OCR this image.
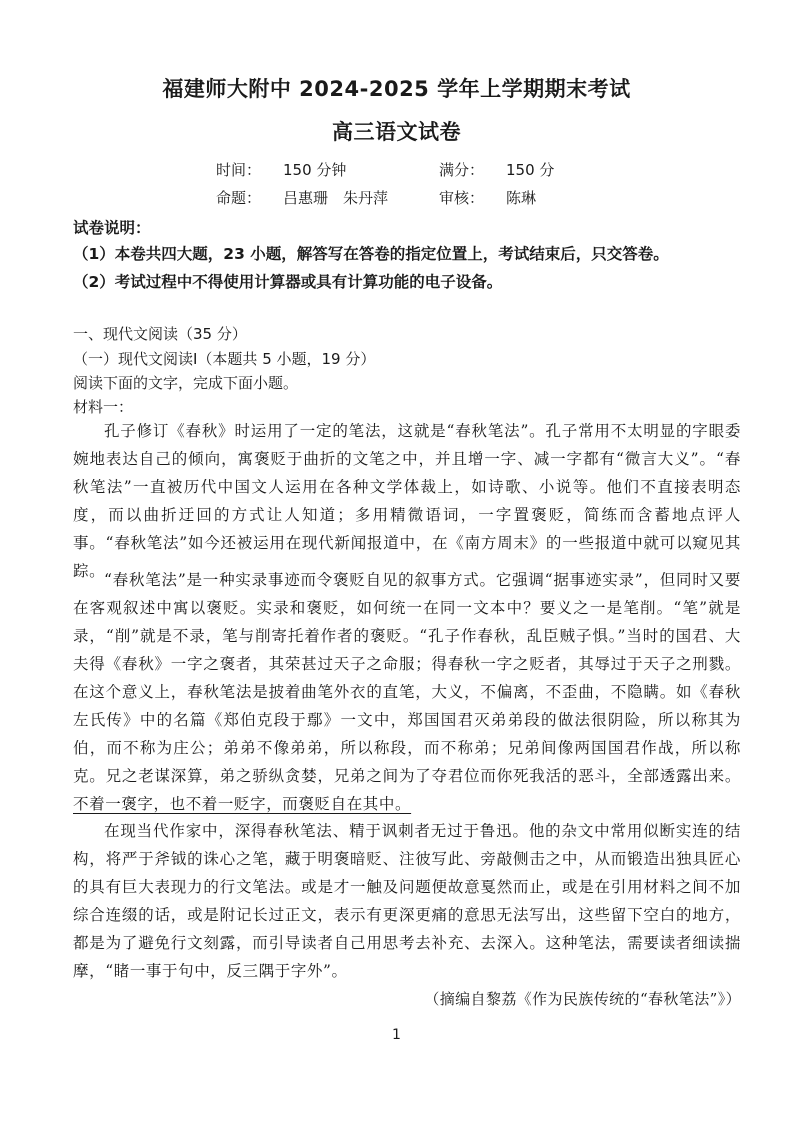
福建师大附中 2024-2025 学年上学期期末考试
高三语文试卷
时间： 150 分钟	满分： 150 分
命题： 吕惠珊　朱丹萍	审核： 陈琳
试卷说明：
（1）本卷共四大题，23 小题，解答写在答卷的指定位置上，考试结束后，只交答卷。
（2）考试过程中不得使用计算器或具有计算功能的电子设备。
一、现代文阅读（35 分）
（一）现代文阅读Ⅰ（本题共 5 小题，19 分）
阅读下面的文字，完成下面小题。
材料一：
孔子修订《春秋》时运用了一定的笔法，这就是“春秋笔法”。孔子常用不太明显的字眼委婉地表达自己的倾向，寓褒贬于曲折的文笔之中，并且增一字、减一字都有“微言大义”。“春秋笔法”一直被历代中国文人运用在各种文学体裁上，如诗歌、小说等。他们不直接表明态度，而以曲折迂回的方式让人知道；多用精微语词，一字置褒贬，简练而含蓄地点评人事。“春秋笔法”如今还被运用在现代新闻报道中，在《南方周末》的一些报道中就可以窥见其踪。
“春秋笔法”是一种实录事迹而令褒贬自见的叙事方式。它强调“据事迹实录”，但同时又要在客观叙述中寓以褒贬。实录和褒贬，如何统一在同一文本中？要义之一是笔削。“笔”就是录，“削”就是不录，笔与削寄托着作者的褒贬。“孔子作春秋，乱臣贼子惧。”当时的国君、大夫得《春秋》一字之褒者，其荣甚过天子之命服；得春秋一字之贬者，其辱过于天子之刑戮。在这个意义上，春秋笔法是披着曲笔外衣的直笔，大义，不偏离，不歪曲，不隐瞒。如《春秋左氏传》中的名篇《郑伯克段于鄢》一文中，郑国国君灭弟弟段的做法很阴险，所以称其为伯，而不称为庄公；弟弟不像弟弟，所以称段，而不称弟；兄弟间像两国国君作战，所以称克。兄之老谋深算，弟之骄纵贪婪，兄弟之间为了夺君位而你死我活的恶斗，全部透露出来。不着一褒字，也不着一贬字，而褒贬自在其中。
在现当代作家中，深得春秋笔法、精于讽刺者无过于鲁迅。他的杂文中常用似断实连的结构，将严于斧钺的诛心之笔，藏于明褒暗贬、注彼写此、旁敲侧击之中，从而锻造出独具匠心的具有巨大表现力的行文笔法。或是才一触及问题便故意戛然而止，或是在引用材料之间不加综合连缀的话，或是附记长过正文，表示有更深更痛的意思无法写出，这些留下空白的地方，都是为了避免行文刻露，而引导读者自己用思考去补充、去深入。这种笔法，需要读者细读揣摩，“睹一事于句中，反三隅于字外”。
（摘编自黎荔《作为民族传统的“春秋笔法”》）
1
